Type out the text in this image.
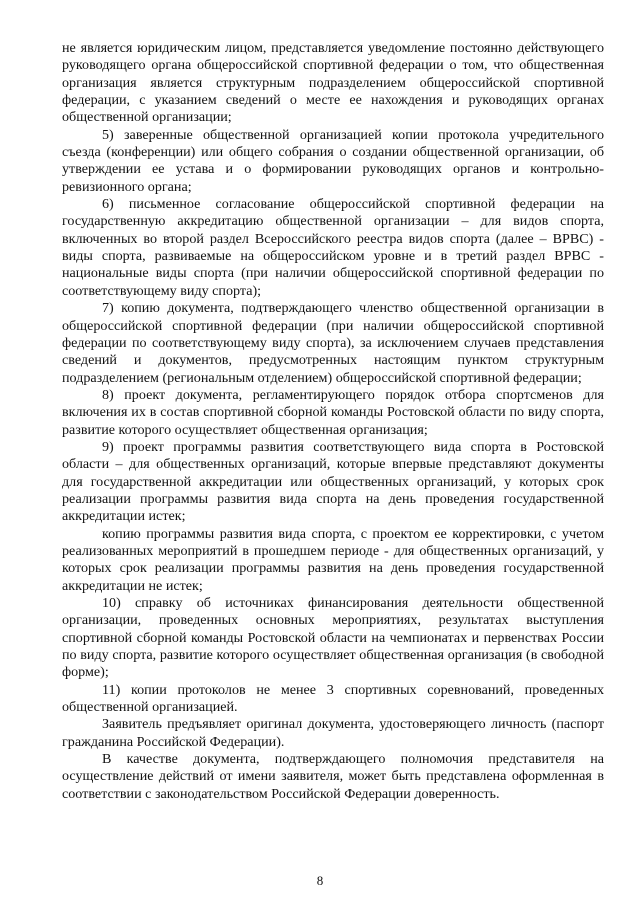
не является юридическим лицом, представляется уведомление постоянно действующего руководящего органа общероссийской спортивной федерации о том, что общественная организация является структурным подразделением общероссийской спортивной федерации, с указанием сведений о месте ее нахождения и руководящих органах общественной организации;

5) заверенные общественной организацией копии протокола учредительного съезда (конференции) или общего собрания о создании общественной организации, об утверждении ее устава и о формировании руководящих органов и контрольно-ревизионного органа;

6) письменное согласование общероссийской спортивной федерации на государственную аккредитацию общественной организации – для видов спорта, включенных во второй раздел Всероссийского реестра видов спорта (далее – ВРВС) - виды спорта, развиваемые на общероссийском уровне и в третий раздел ВРВС - национальные виды спорта (при наличии общероссийской спортивной федерации по соответствующему виду спорта);

7) копию документа, подтверждающего членство общественной организации в общероссийской спортивной федерации (при наличии общероссийской спортивной федерации по соответствующему виду спорта), за исключением случаев представления сведений и документов, предусмотренных настоящим пунктом структурным подразделением (региональным отделением) общероссийской спортивной федерации;

8) проект документа, регламентирующего порядок отбора спортсменов для включения их в состав спортивной сборной команды Ростовской области по виду спорта, развитие которого осуществляет общественная организация;

9) проект программы развития соответствующего вида спорта в Ростовской области – для общественных организаций, которые впервые представляют документы для государственной аккредитации или общественных организаций, у которых срок реализации программы развития вида спорта на день проведения государственной аккредитации истек;

копию программы развития вида спорта, с проектом ее корректировки, с учетом реализованных мероприятий в прошедшем периоде - для общественных организаций, у которых срок реализации программы развития на день проведения государственной аккредитации не истек;

10) справку об источниках финансирования деятельности общественной организации, проведенных основных мероприятиях, результатах выступления спортивной сборной команды Ростовской области на чемпионатах и первенствах России по виду спорта, развитие которого осуществляет общественная организация (в свободной форме);

11) копии протоколов не менее 3 спортивных соревнований, проведенных общественной организацией.

Заявитель предъявляет оригинал документа, удостоверяющего личность (паспорт гражданина Российской Федерации).

В качестве документа, подтверждающего полномочия представителя на осуществление действий от имени заявителя, может быть представлена оформленная в соответствии с законодательством Российской Федерации доверенность.

8
